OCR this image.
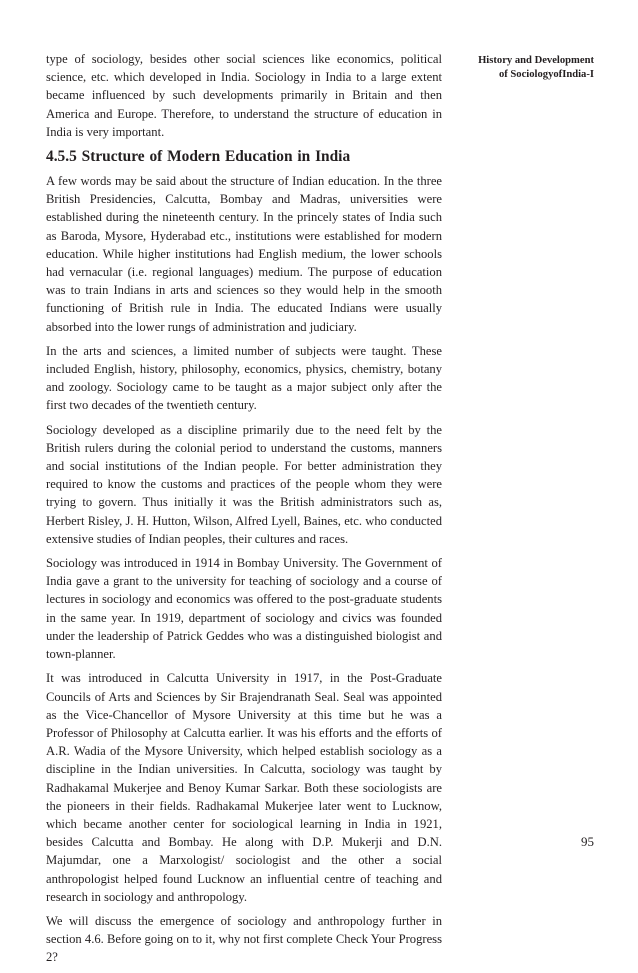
type of sociology, besides other social sciences like economics, political science, etc. which developed in India. Sociology in India to a large extent became influenced by such developments primarily in Britain and then America and Europe. Therefore, to understand the structure of education in India is very important.

4.5.5 Structure of Modern Education in India

A few words may be said about the structure of Indian education. In the three British Presidencies, Calcutta, Bombay and Madras, universities were established during the nineteenth century. In the princely states of India such as Baroda, Mysore, Hyderabad etc., institutions were established for modern education. While higher institutions had English medium, the lower schools had vernacular (i.e. regional languages) medium. The purpose of education was to train Indians in arts and sciences so they would help in the smooth functioning of British rule in India. The educated Indians were usually absorbed into the lower rungs of administration and judiciary.

In the arts and sciences, a limited number of subjects were taught. These included English, history, philosophy, economics, physics, chemistry, botany and zoology. Sociology came to be taught as a major subject only after the first two decades of the twentieth century.

Sociology developed as a discipline primarily due to the need felt by the British rulers during the colonial period to understand the customs, manners and social institutions of the Indian people. For better administration they required to know the customs and practices of the people whom they were trying to govern. Thus initially it was the British administrators such as, Herbert Risley, J. H. Hutton, Wilson, Alfred Lyell, Baines, etc. who conducted extensive studies of Indian peoples, their cultures and races.

Sociology was introduced in 1914 in Bombay University. The Government of India gave a grant to the university for teaching of sociology and a course of lectures in sociology and economics was offered to the post-graduate students in the same year. In 1919, department of sociology and civics was founded under the leadership of Patrick Geddes who was a distinguished biologist and town-planner.

It was introduced in Calcutta University in 1917, in the Post-Graduate Councils of Arts and Sciences by Sir Brajendranath Seal. Seal was appointed as the Vice-Chancellor of Mysore University at this time but he was a Professor of Philosophy at Calcutta earlier. It was his efforts and the efforts of A.R. Wadia of the Mysore University, which helped establish sociology as a discipline in the Indian universities. In Calcutta, sociology was taught by Radhakamal Mukerjee and Benoy Kumar Sarkar. Both these sociologists are the pioneers in their fields. Radhakamal Mukerjee later went to Lucknow, which became another center for sociological learning in India in 1921, besides Calcutta and Bombay. He along with D.P. Mukerji and D.N. Majumdar, one a Marxologist/ sociologist and the other a social anthropologist helped found Lucknow an influential centre of teaching and research in sociology and anthropology.

We will discuss the emergence of sociology and anthropology further in section 4.6. Before going on to it, why not first complete Check Your Progress 2?

History and Development
of SociologyofIndia-I
95
